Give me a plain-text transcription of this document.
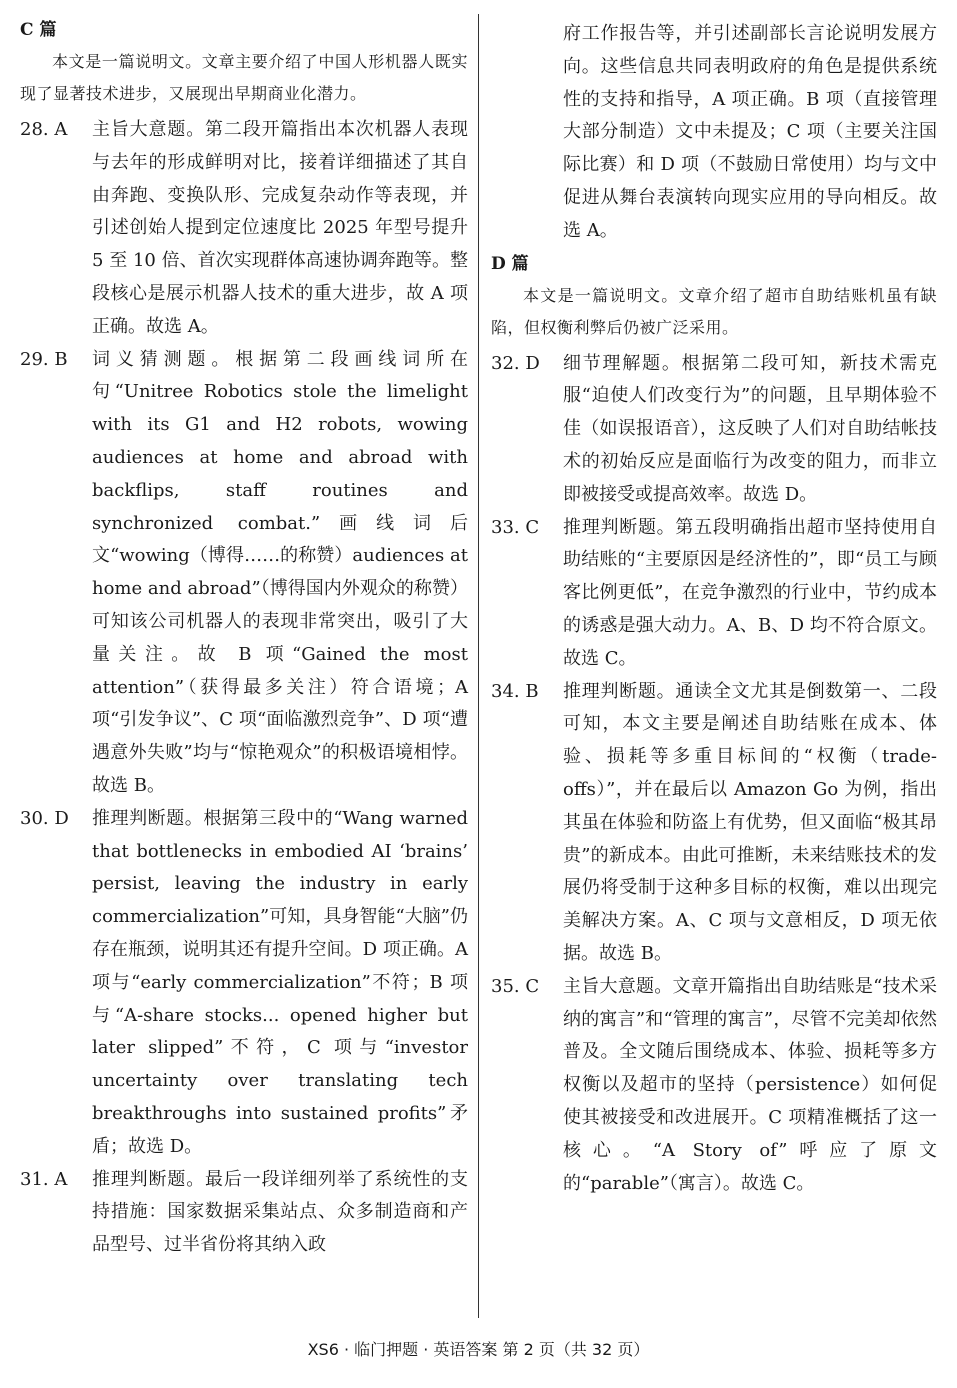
C 篇

本文是一篇说明文。文章主要介绍了中国人形机器人既实现了显著技术进步，又展现出早期商业化潜力。

28. A	主旨大意题。第二段开篇指出本次机器人表现与去年的形成鲜明对比，接着详细描述了其自由奔跑、变换队形、完成复杂动作等表现，并引述创始人提到定位速度比 2025 年型号提升 5 至 10 倍、首次实现群体高速协调奔跑等。整段核心是展示机器人技术的重大进步，故 A 项正确。故选 A。
29. B	词义猜测题。根据第二段画线词所在句“Unitree Robotics stole the limelight with its G1 and H2 robots, wowing audiences at home and abroad with backflips, staff routines and synchronized combat.”画线词后文“wowing（博得……的称赞）audiences at home and abroad”（博得国内外观众的称赞）可知该公司机器人的表现非常突出，吸引了大量关注。故 B 项“Gained the most attention”（获得最多关注）符合语境；A 项“引发争议”、C 项“面临激烈竞争”、D 项“遭遇意外失败”均与“惊艳观众”的积极语境相悖。故选 B。
30. D	推理判断题。根据第三段中的“Wang warned that bottlenecks in embodied AI ‘brains’ persist, leaving the industry in early commercialization”可知，具身智能“大脑”仍存在瓶颈，说明其还有提升空间。D 项正确。A 项与“early commercialization”不符；B 项与“A-share stocks... opened higher but later slipped”不符，C 项与“investor uncertainty over translating tech breakthroughs into sustained profits”矛盾；故选 D。
31. A	推理判断题。最后一段详细列举了系统性的支持措施：国家数据采集站点、众多制造商和产品型号、过半省份将其纳入政

府工作报告等，并引述副部长言论说明发展方向。这些信息共同表明政府的角色是提供系统性的支持和指导，A 项正确。B 项（直接管理大部分制造）文中未提及；C 项（主要关注国际比赛）和 D 项（不鼓励日常使用）均与文中促进从舞台表演转向现实应用的导向相反。故选 A。

D 篇

本文是一篇说明文。文章介绍了超市自助结账机虽有缺陷，但权衡利弊后仍被广泛采用。

32. D	细节理解题。根据第二段可知，新技术需克服“迫使人们改变行为”的问题，且早期体验不佳（如误报语音），这反映了人们对自助结帐技术的初始反应是面临行为改变的阻力，而非立即被接受或提高效率。故选 D。
33. C	推理判断题。第五段明确指出超市坚持使用自助结账的“主要原因是经济性的”，即“员工与顾客比例更低”，在竞争激烈的行业中，节约成本的诱惑是强大动力。A、B、D 均不符合原文。故选 C。
34. B	推理判断题。通读全文尤其是倒数第一、二段可知，本文主要是阐述自助结账在成本、体验、损耗等多重目标间的“权衡（trade-offs）”，并在最后以 Amazon Go 为例，指出其虽在体验和防盗上有优势，但又面临“极其昂贵”的新成本。由此可推断，未来结账技术的发展仍将受制于这种多目标的权衡，难以出现完美解决方案。A、C 项与文意相反，D 项无依据。故选 B。
35. C	主旨大意题。文章开篇指出自助结账是“技术采纳的寓言”和“管理的寓言”，尽管不完美却依然普及。全文随后围绕成本、体验、损耗等多方权衡以及超市的坚持（persistence）如何促使其被接受和改进展开。C 项精准概括了这一核心。“A Story of”呼应了原文的“parable”（寓言）。故选 C。
XS6 · 临门押题 · 英语答案 第 2 页（共 32 页）
